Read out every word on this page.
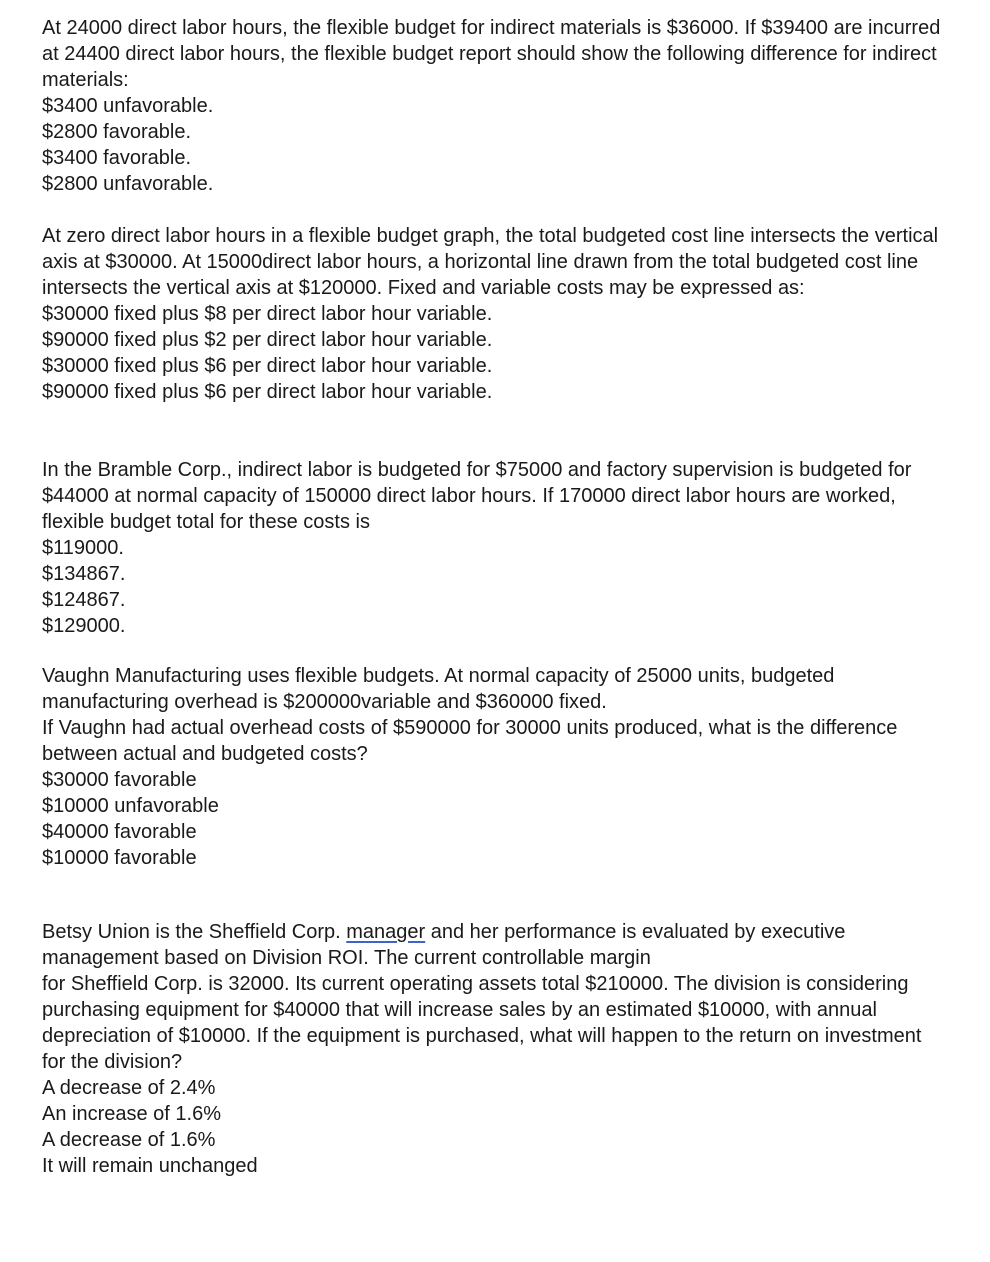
At 24000 direct labor hours, the flexible budget for indirect materials is $36000. If $39400 are incurred at 24400 direct labor hours, the flexible budget report should show the following difference for indirect materials:

$3400 unfavorable.
$2800 favorable.
$3400 favorable.
$2800 unfavorable.

At zero direct labor hours in a flexible budget graph, the total budgeted cost line intersects the vertical axis at $30000. At 15000direct labor hours, a horizontal line drawn from the total budgeted cost line intersects the vertical axis at $120000. Fixed and variable costs may be expressed as:

$30000 fixed plus $8 per direct labor hour variable.
$90000 fixed plus $2 per direct labor hour variable.
$30000 fixed plus $6 per direct labor hour variable.
$90000 fixed plus $6 per direct labor hour variable.

In the Bramble Corp., indirect labor is budgeted for $75000 and factory supervision is budgeted for $44000 at normal capacity of 150000 direct labor hours. If 170000 direct labor hours are worked, flexible budget total for these costs is

$119000.
$134867.
$124867.
$129000.

Vaughn Manufacturing uses flexible budgets. At normal capacity of 25000 units, budgeted manufacturing overhead is $200000variable and $360000 fixed.
If Vaughn had actual overhead costs of $590000 for 30000 units produced, what is the difference between actual and budgeted costs?

$30000 favorable
$10000 unfavorable
$40000 favorable
$10000 favorable

Betsy Union is the Sheffield Corp. manager and her performance is evaluated by executive management based on Division ROI. The current controllable margin
for Sheffield Corp. is 32000. Its current operating assets total $210000. The division is considering purchasing equipment for $40000 that will increase sales by an estimated $10000, with annual depreciation of $10000. If the equipment is purchased, what will happen to the return on investment for the division?

A decrease of 2.4%
An increase of 1.6%
A decrease of 1.6%
It will remain unchanged
